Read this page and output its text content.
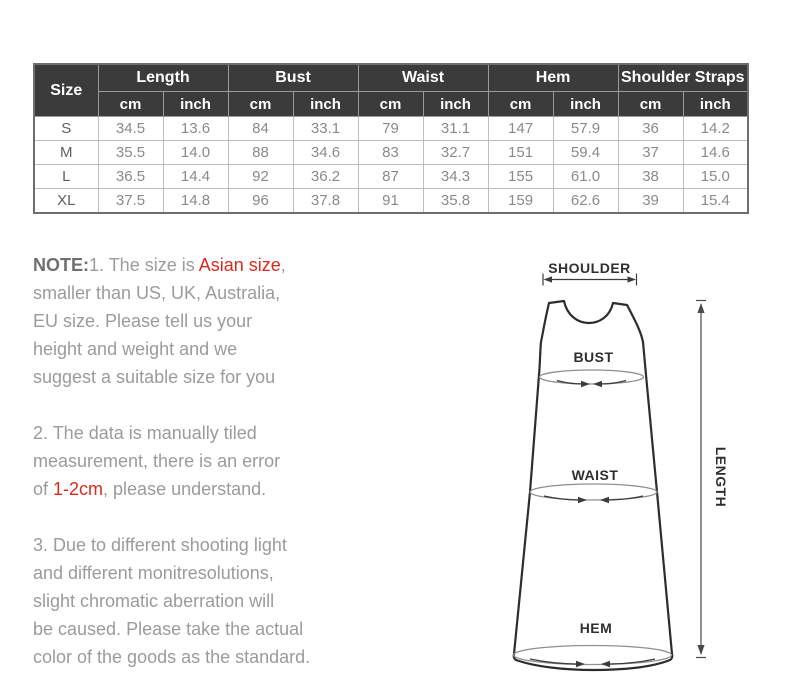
Size	Length		Bust		Waist		Hem		Shoulder Straps	
	cm	inch	cm	inch	cm	inch	cm	inch	cm	inch
S	34.5	13.6	84	33.1	79	31.1	147	57.9	36	14.2
M	35.5	14.0	88	34.6	83	32.7	151	59.4	37	14.6
L	36.5	14.4	92	36.2	87	34.3	155	61.0	38	15.0
XL	37.5	14.8	96	37.8	91	35.8	159	62.6	39	15.4
NOTE:1. The size is Asian size,
smaller than US, UK, Australia,
EU size. Please tell us your
height and weight and we
suggest a suitable size for you
2. The data is manually tiled
measurement, there is an error
of 1-2cm, please understand.
3. Due to different shooting light
and different monitresolutions,
slight chromatic aberration will
be caused. Please take the actual
color of the goods as the standard.
SHOULDER
BUST
WAIST
HEM
LENGTH
